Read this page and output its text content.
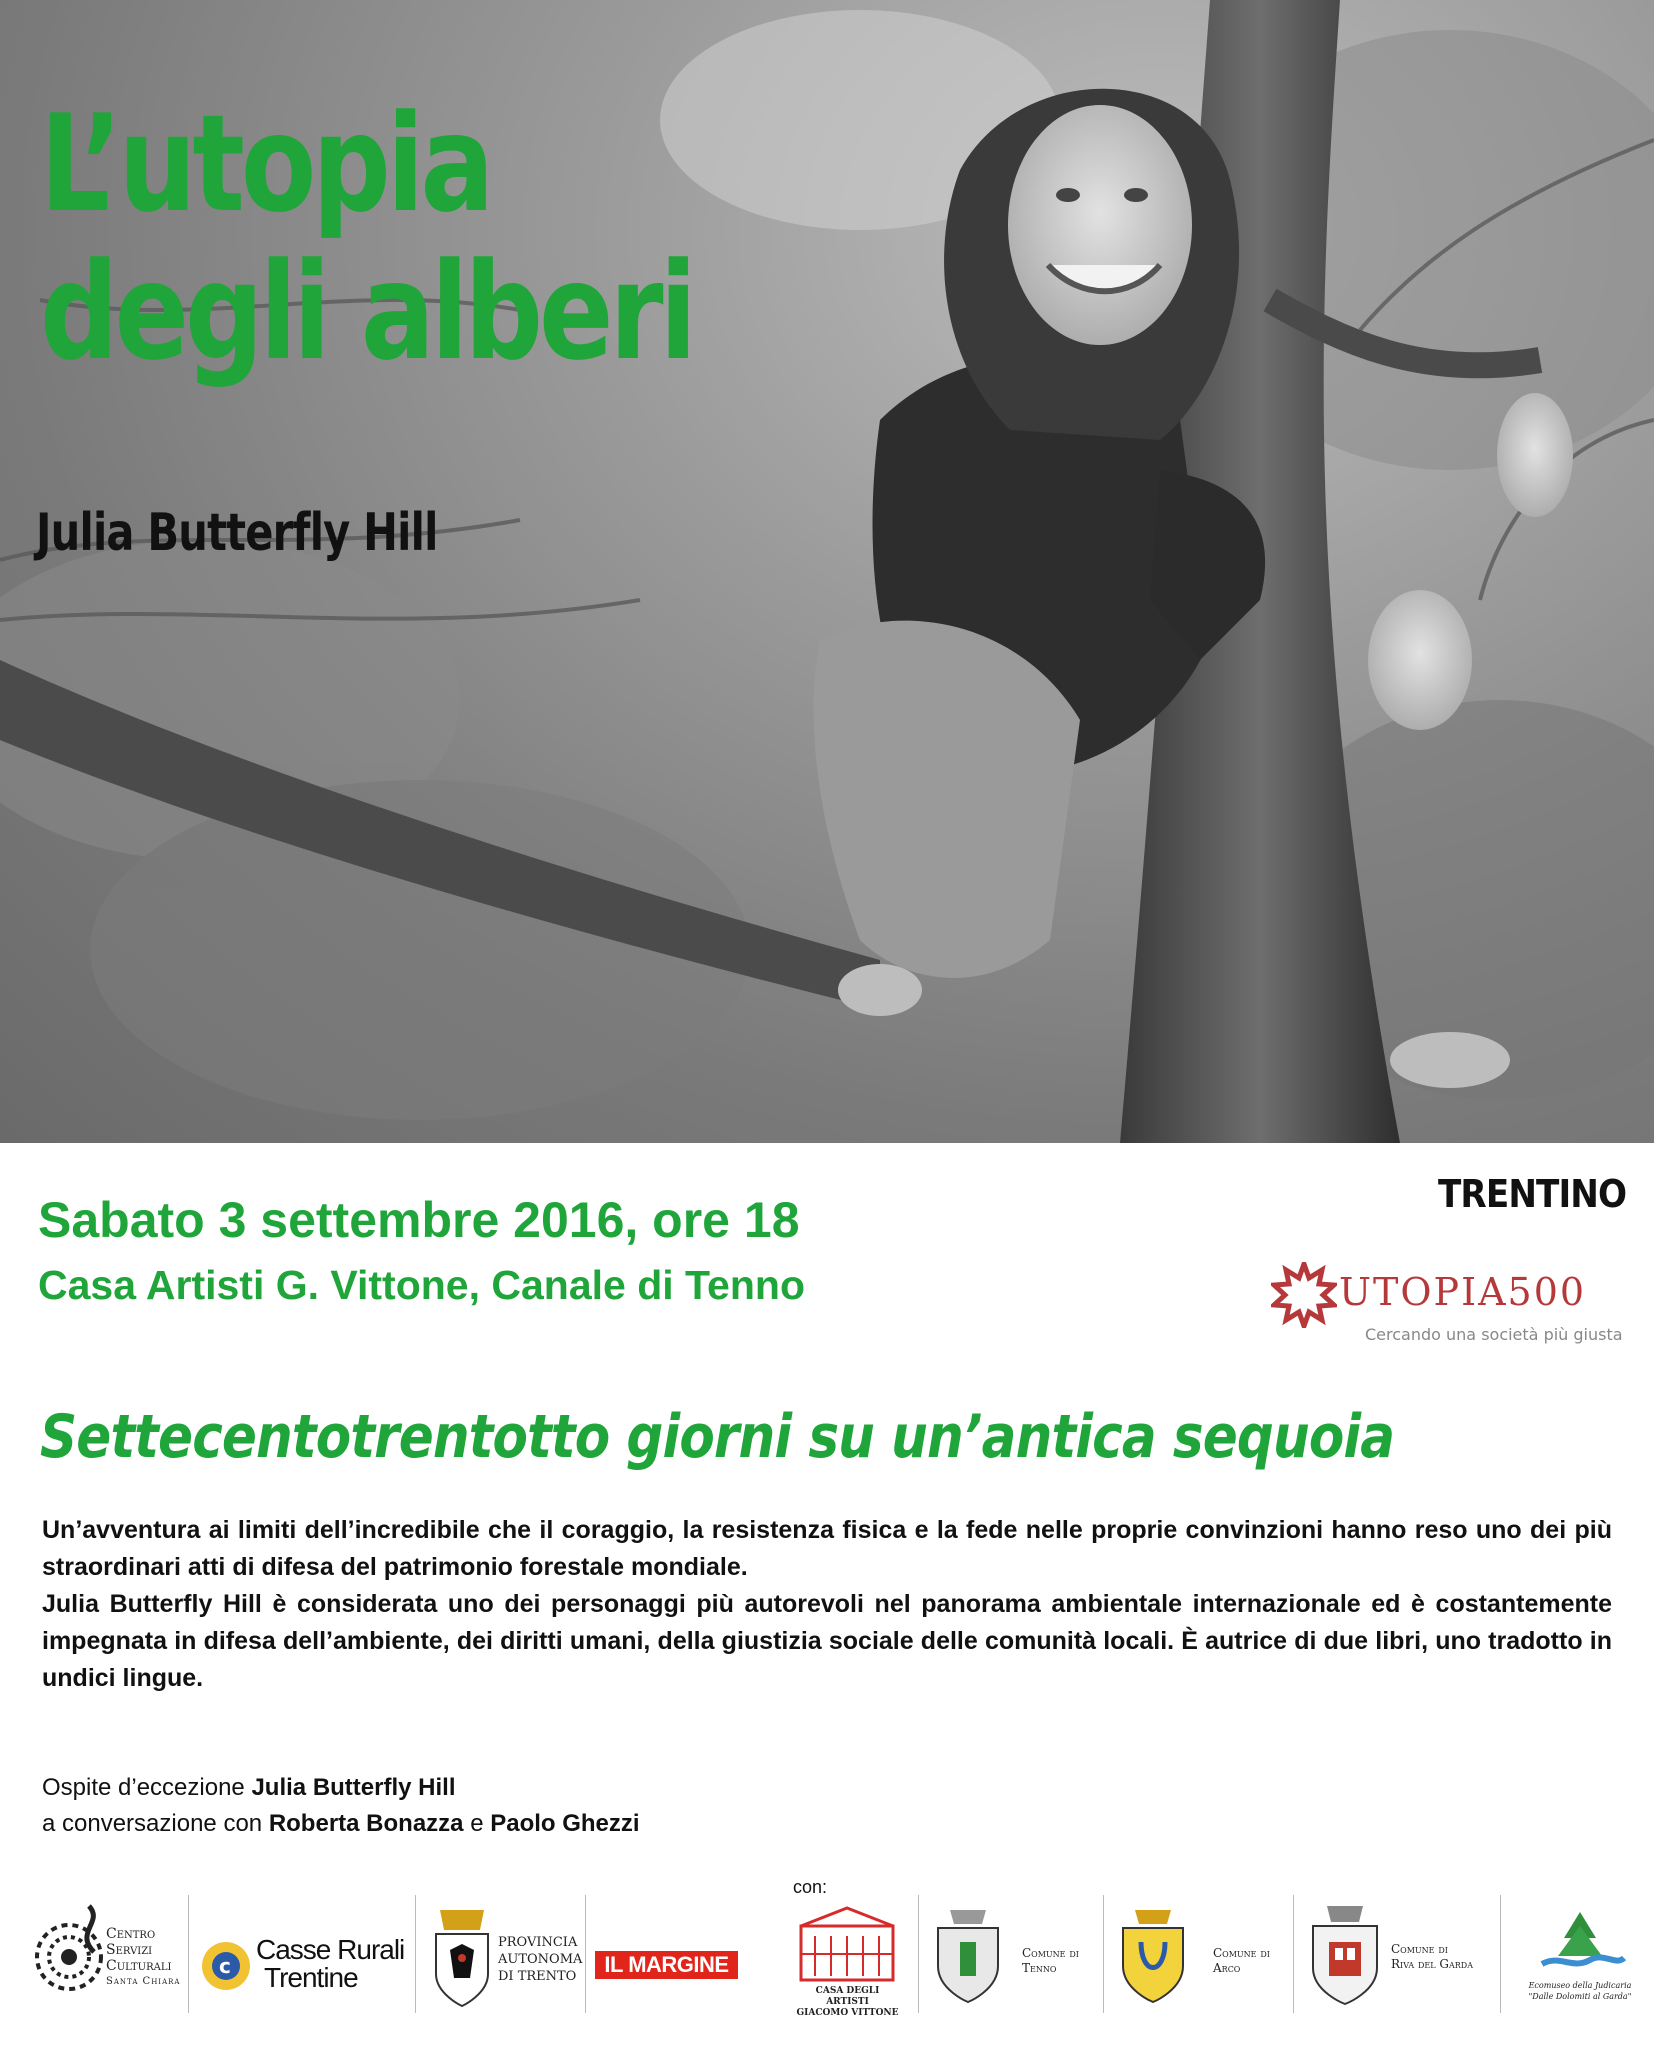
L’utopia
degli alberi
Julia Butterfly Hill
Sabato 3 settembre 2016, ore 18
Casa Artisti G. Vittone, Canale di Tenno
TRENTINO
UTOPIA500
Cercando una società più giusta
Settecentotrentotto giorni su un’antica sequoia

Un’avventura ai limiti dell’incredibile che il coraggio, la resistenza fisica e la fede nelle proprie convinzioni hanno reso uno dei più straordinari atti di difesa del patrimonio forestale mondiale.

Julia Butterfly Hill è considerata uno dei personaggi più autorevoli nel panorama ambientale internazionale ed è costantemente impegnata in difesa dell’ambiente, dei diritti umani, della giustizia sociale delle comunità locali. È autrice di due libri, uno tradotto in undici lingue.

Ospite d’eccezione Julia Butterfly Hill
a conversazione con Roberta Bonazza e Paolo Ghezzi
con:
Centro
Servizi
Culturali
Santa Chiara
c
Casse Rurali
Trentine
PROVINCIA
AUTONOMA
DI TRENTO	IL MARGINE
CASA DEGLI ARTISTI
GIACOMO VITTONE
Comune di
Tenno
Comune di
Arco
Comune di
Riva del Garda
Ecomuseo della Judicaria
"Dalle Dolomiti al Garda"
